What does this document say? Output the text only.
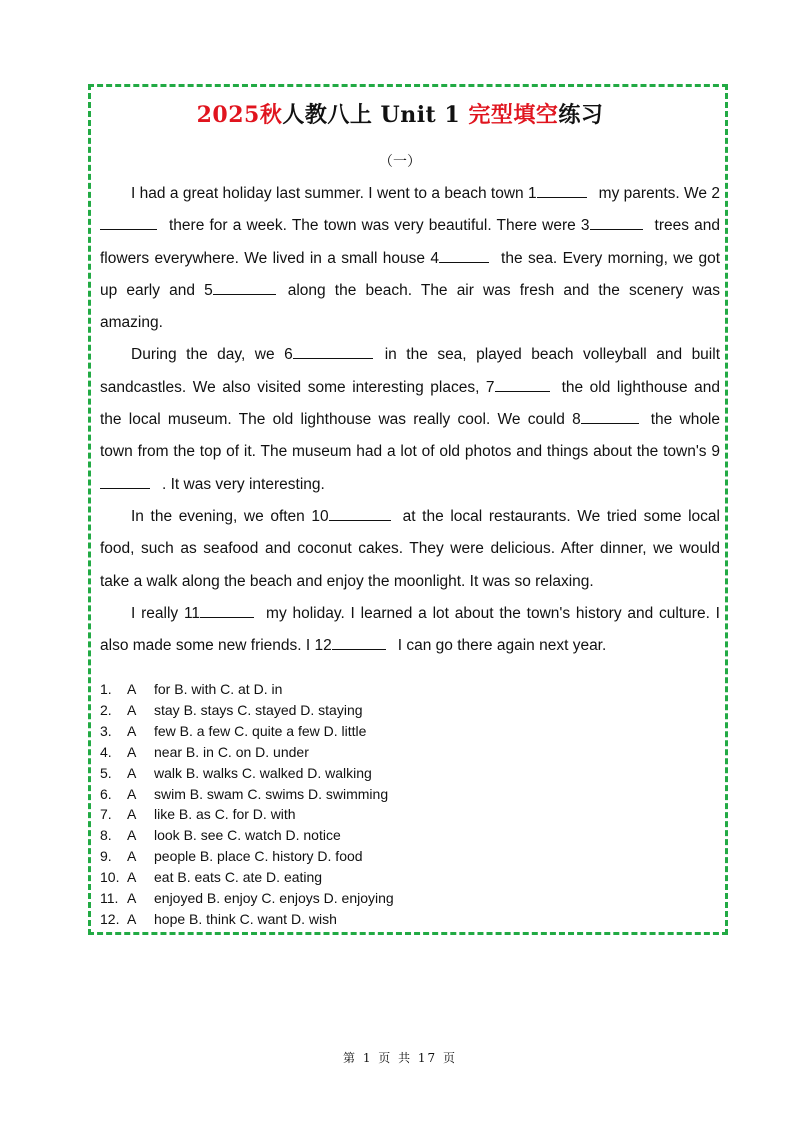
2025秋人教八上 Unit 1 完型填空练习
（一）

I had a great holiday last summer. I went to a beach town 1	my parents. We 2there for a week. The town was very beautiful. There were 3	trees and flowers everywhere. We lived in a small house 4	the sea. Every morning, we got up early and 5	along the beach. The air was fresh and the scenery was amazing.

During the day, we 6	in the sea, played beach volleyball and built sandcastles. We also visited some interesting places, 7	the old lighthouse and the local museum. The old lighthouse was really cool. We could 8	the whole town from the top of it. The museum had a lot of old photos and things about the town's 9. It was very interesting.

In the evening, we often 10	at the local restaurants. We tried some local food, such as seafood and coconut cakes. They were delicious. After dinner, we would take a walk along the beach and enjoy the moonlight. It was so relaxing.

I really 11	my holiday. I learned a lot about the town's history and culture. I also made some new friends. I 12	I can go there again next year.

1.	A	for B. with C. at D. in
2.	A	stay B. stays C. stayed D. staying
3.	A	few B. a few C. quite a few D. little
4.	A	near B. in C. on D. under
5.	A	walk B. walks C. walked D. walking
6.	A	swim B. swam C. swims D. swimming
7.	A	like B. as C. for D. with
8.	A	look B. see C. watch D. notice
9.	A	people B. place C. history D. food
10. A	eat B. eats C. ate D. eating
11. A	enjoyed B. enjoy C. enjoys D. enjoying
12. A	hope B. think C. want D. wish
第 1 页 共 17 页
